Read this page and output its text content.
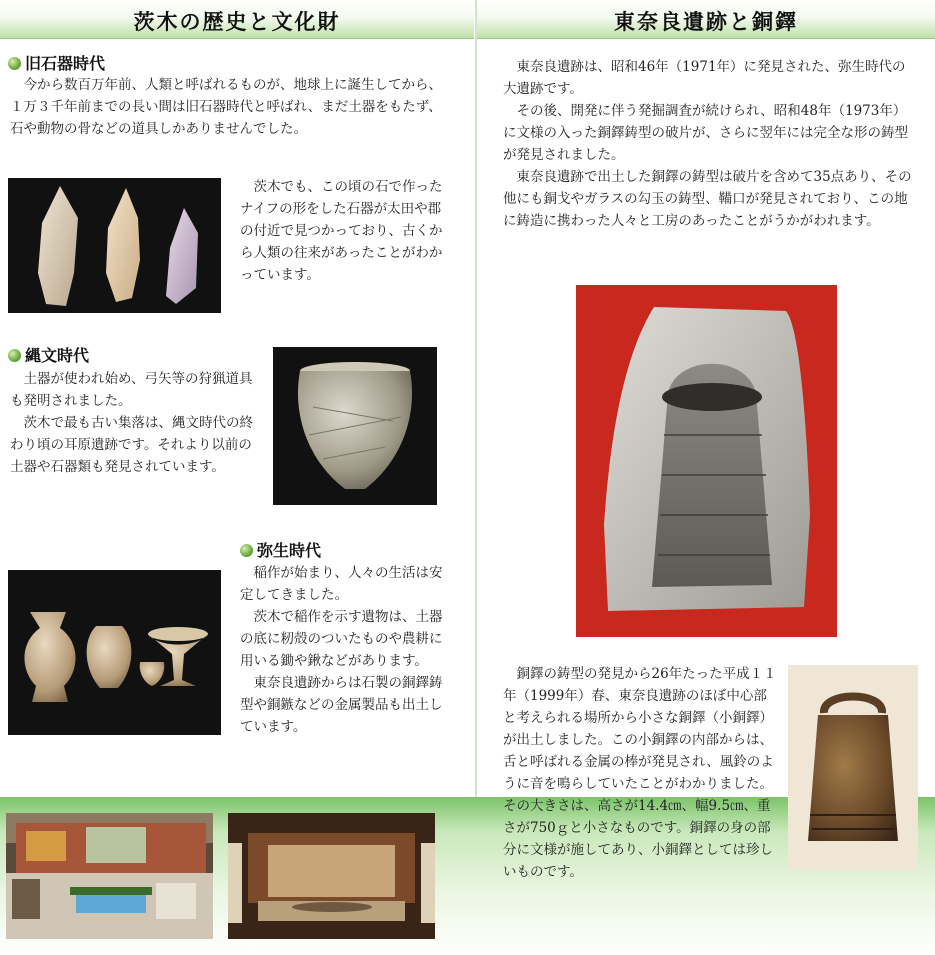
茨木の歴史と文化財	東奈良遺跡と銅鐸
旧石器時代

今から数百万年前、人類と呼ばれるものが、地球上に誕生してから、１万３千年前までの長い間は旧石器時代と呼ばれ、まだ土器をもたず、石や動物の骨などの道具しかありませんでした。

茨木でも、この頃の石で作ったナイフの形をした石器が太田や郡の付近で見つかっており、古くから人類の往来があったことがわかっています。

縄文時代

土器が使われ始め、弓矢等の狩猟道具も発明されました。

茨木で最も古い集落は、縄文時代の終わり頃の耳原遺跡です。それより以前の土器や石器類も発見されています。

弥生時代

稲作が始まり、人々の生活は安定してきました。

茨木で稲作を示す遺物は、土器の底に籾殻のついたものや農耕に用いる鋤や鍬などがあります。

東奈良遺跡からは石製の銅鐸鋳型や銅鏃などの金属製品も出土しています。

東奈良遺跡は、昭和46年（1971年）に発見された、弥生時代の大遺跡です。

その後、開発に伴う発掘調査が続けられ、昭和48年（1973年）に文様の入った銅鐸鋳型の破片が、さらに翌年には完全な形の鋳型が発見されました。

東奈良遺跡で出土した銅鐸の鋳型は破片を含めて35点あり、その他にも銅戈やガラスの勾玉の鋳型、鞴口が発見されており、この地に鋳造に携わった人々と工房のあったことがうかがわれます。

銅鐸の鋳型の発見から26年たった平成１１年（1999年）春、東奈良遺跡のほぼ中心部と考えられる場所から小さな銅鐸（小銅鐸）が出土しました。この小銅鐸の内部からは、舌と呼ばれる金属の棒が発見され、風鈴のように音を鳴らしていたことがわかりました。その大きさは、高さが14.4㎝、幅9.5㎝、重さが750ｇと小さなものです。銅鐸の身の部分に文様が施してあり、小銅鐸としては珍しいものです。
